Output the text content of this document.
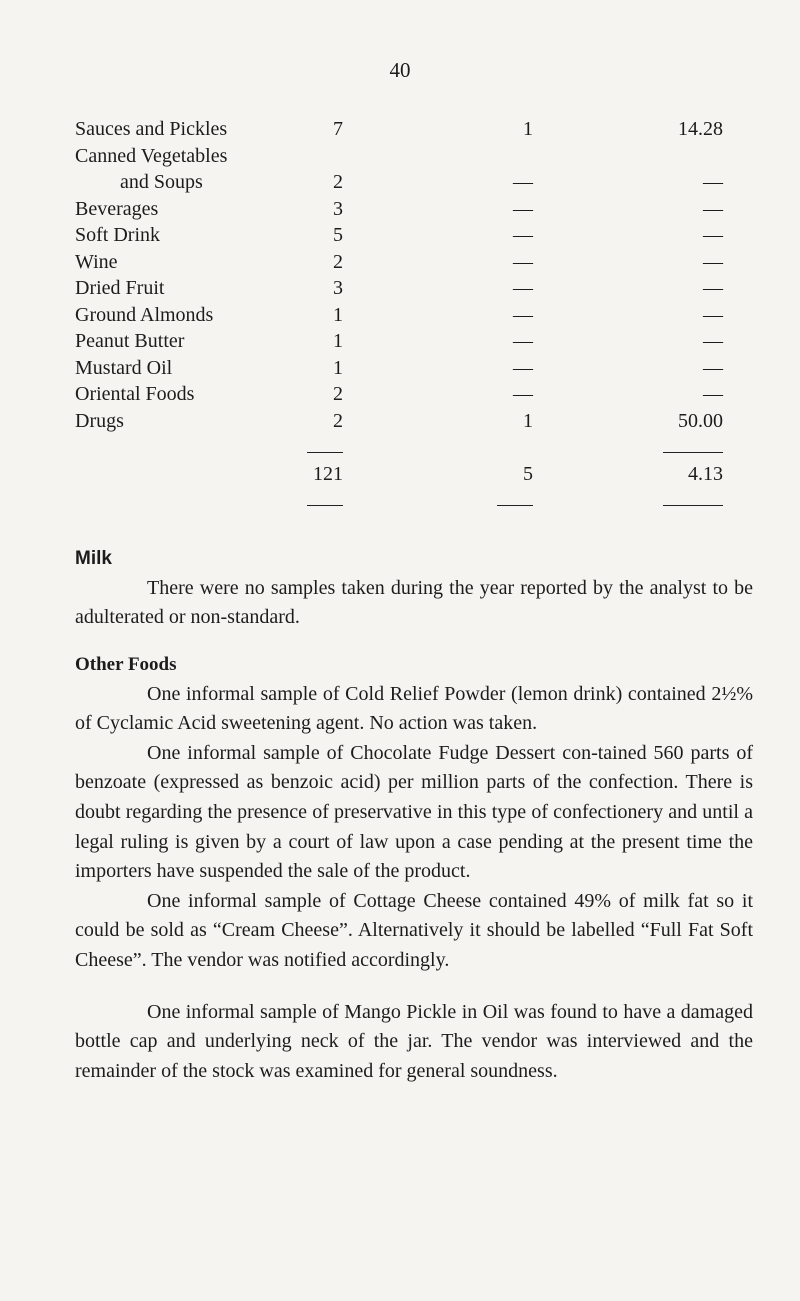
40
Sauces and Pickles	7	1	14.28
Canned Vegetables			
and Soups	2	—	—
Beverages	3	—	—
Soft Drink	5	—	—
Wine	2	—	—
Dried Fruit	3	—	—
Ground Almonds	1	—	—
Peanut Butter	1	—	—
Mustard Oil	1	—	—
Oriental Foods	2	—	—
Drugs	2	1	50.00

	121	5	4.13

Milk

There were no samples taken during the year reported by the analyst to be adulterated or non-standard.

Other Foods

One informal sample of Cold Relief Powder (lemon drink) contained 2½% of Cyclamic Acid sweetening agent. No action was taken.

One informal sample of Chocolate Fudge Dessert con-tained 560 parts of benzoate (expressed as benzoic acid) per million parts of the confection. There is doubt regarding the presence of preservative in this type of confectionery and until a legal ruling is given by a court of law upon a case pending at the present time the importers have suspended the sale of the product.

One informal sample of Cottage Cheese contained 49% of milk fat so it could be sold as “Cream Cheese”. Alternatively it should be labelled “Full Fat Soft Cheese”. The vendor was notified accordingly.

One informal sample of Mango Pickle in Oil was found to have a damaged bottle cap and underlying neck of the jar. The vendor was interviewed and the remainder of the stock was examined for general soundness.
